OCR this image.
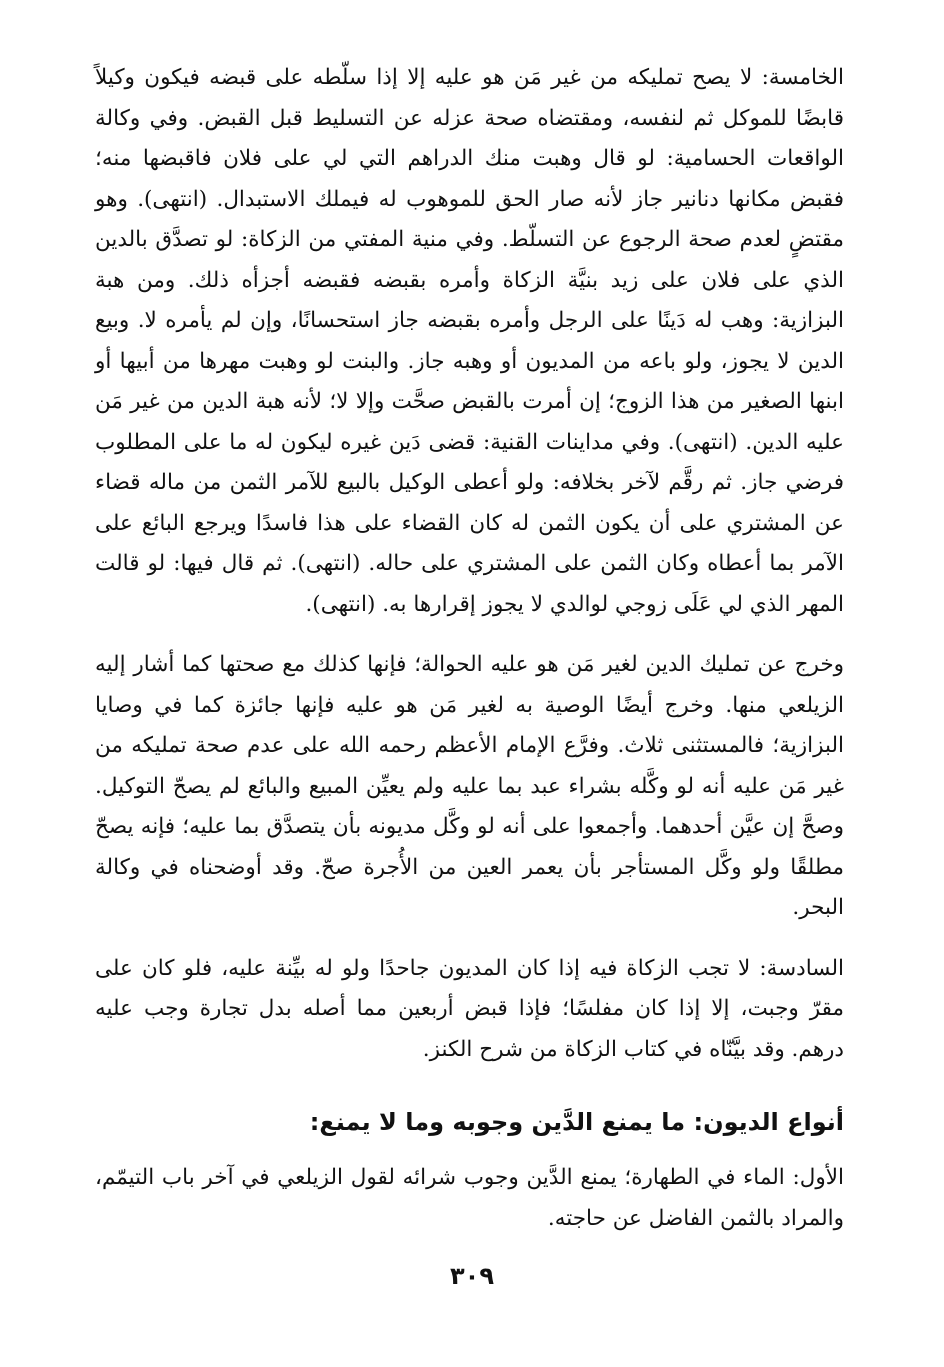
الخامسة: لا يصح تمليكه من غير مَن هو عليه إلا إذا سلّطه على قبضه فيكون وكيلاً قابضًا للموكل ثم لنفسه، ومقتضاه صحة عزله عن التسليط قبل القبض. وفي وكالة الواقعات الحسامية: لو قال وهبت منك الدراهم التي لي على فلان فاقبضها منه؛ فقبض مكانها دنانير جاز لأنه صار الحق للموهوب له فيملك الاستبدال. (انتهى). وهو مقتضٍ لعدم صحة الرجوع عن التسلّط. وفي منية المفتي من الزكاة: لو تصدَّق بالدين الذي على فلان على زيد بنيَّة الزكاة وأمره بقبضه فقبضه أجزأه ذلك. ومن هبة البزازية: وهب له دَينًا على الرجل وأمره بقبضه جاز استحسانًا، وإن لم يأمره لا. وبيع الدين لا يجوز، ولو باعه من المديون أو وهبه جاز. والبنت لو وهبت مهرها من أبيها أو ابنها الصغير من هذا الزوج؛ إن أمرت بالقبض صحَّت وإلا لا؛ لأنه هبة الدين من غير مَن عليه الدين. (انتهى). وفي مداينات القنية: قضى دَين غيره ليكون له ما على المطلوب فرضي جاز. ثم رقَّم لآخر بخلافه: ولو أعطى الوكيل بالبيع للآمر الثمن من ماله قضاء عن المشتري على أن يكون الثمن له كان القضاء على هذا فاسدًا ويرجع البائع على الآمر بما أعطاه وكان الثمن على المشتري على حاله. (انتهى). ثم قال فيها: لو قالت المهر الذي لي عَلَى زوجي لوالدي لا يجوز إقرارها به. (انتهى).

وخرج عن تمليك الدين لغير مَن هو عليه الحوالة؛ فإنها كذلك مع صحتها كما أشار إليه الزيلعي منها. وخرج أيضًا الوصية به لغير مَن هو عليه فإنها جائزة كما في وصايا البزازية؛ فالمستثنى ثلاث. وفرَّع الإمام الأعظم رحمه الله على عدم صحة تمليكه من غير مَن عليه أنه لو وكَّله بشراء عبد بما عليه ولم يعيِّن المبيع والبائع لم يصحّ التوكيل. وصحَّ إن عيَّن أحدهما. وأجمعوا على أنه لو وكَّل مديونه بأن يتصدَّق بما عليه؛ فإنه يصحّ مطلقًا ولو وكَّل المستأجر بأن يعمر العين من الأُجرة صحّ. وقد أوضحناه في وكالة البحر.

السادسة: لا تجب الزكاة فيه إذا كان المديون جاحدًا ولو له بيِّنة عليه، فلو كان على مقرّ وجبت، إلا إذا كان مفلسًا؛ فإذا قبض أربعين مما أصله بدل تجارة وجب عليه درهم. وقد بيَّنّاه في كتاب الزكاة من شرح الكنز.

أنواع الديون: ما يمنع الدَّين وجوبه وما لا يمنع:

الأول: الماء في الطهارة؛ يمنع الدَّين وجوب شرائه لقول الزيلعي في آخر باب التيمّم، والمراد بالثمن الفاضل عن حاجته.

٣٠٩
